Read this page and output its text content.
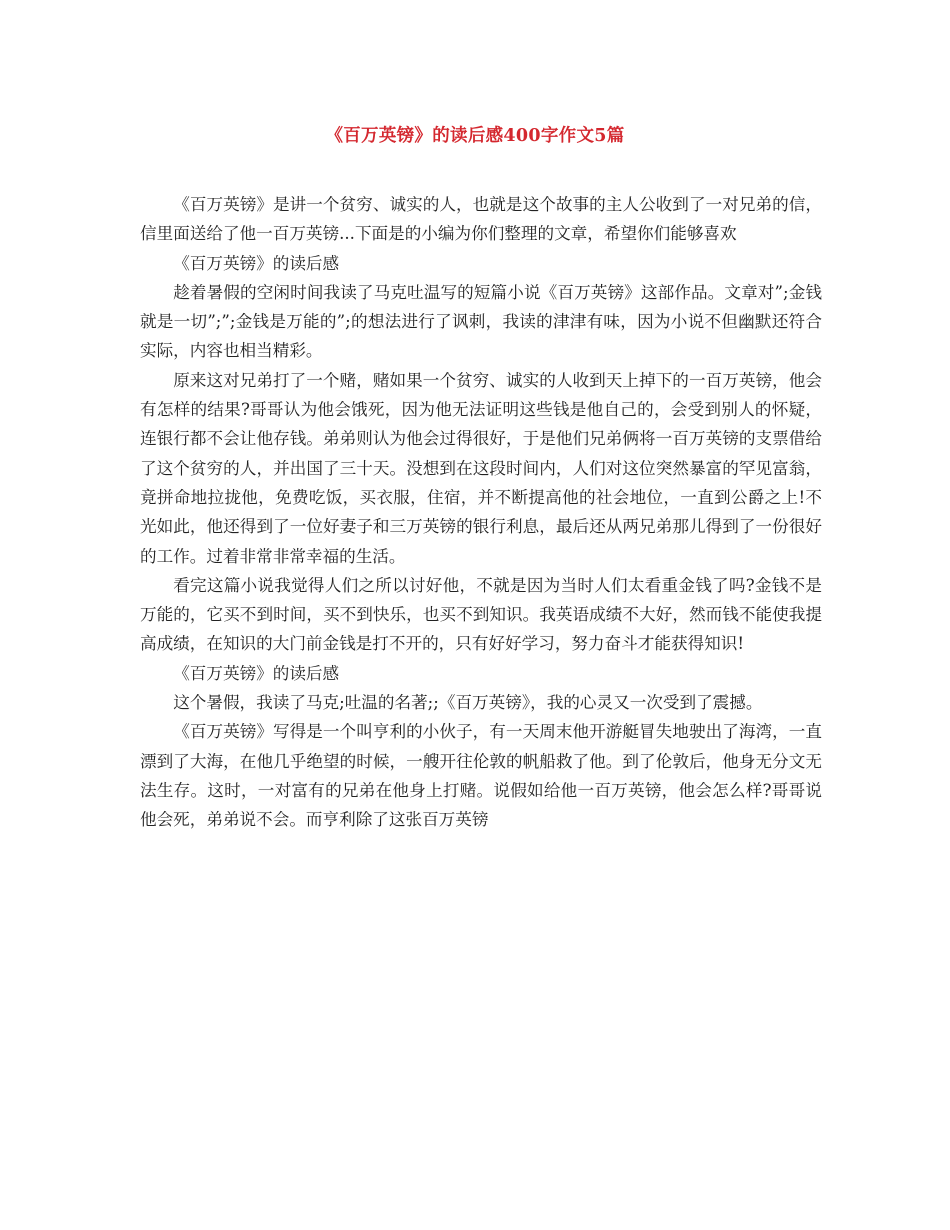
《百万英镑》的读后感400字作文5篇

《百万英镑》是讲一个贫穷、诚实的人，也就是这个故事的主人公收到了一对兄弟的信，信里面送给了他一百万英镑...下面是的小编为你们整理的文章，希望你们能够喜欢

《百万英镑》的读后感

趁着暑假的空闲时间我读了马克吐温写的短篇小说《百万英镑》这部作品。文章对”;金钱就是一切”;”;金钱是万能的”;的想法进行了讽刺，我读的津津有味，因为小说不但幽默还符合实际，内容也相当精彩。

原来这对兄弟打了一个赌，赌如果一个贫穷、诚实的人收到天上掉下的一百万英镑，他会有怎样的结果?哥哥认为他会饿死，因为他无法证明这些钱是他自己的，会受到别人的怀疑，连银行都不会让他存钱。弟弟则认为他会过得很好，于是他们兄弟俩将一百万英镑的支票借给了这个贫穷的人，并出国了三十天。没想到在这段时间内，人们对这位突然暴富的罕见富翁，竟拼命地拉拢他，免费吃饭，买衣服，住宿，并不断提高他的社会地位，一直到公爵之上!不光如此，他还得到了一位好妻子和三万英镑的银行利息，最后还从两兄弟那儿得到了一份很好的工作。过着非常非常幸福的生活。

看完这篇小说我觉得人们之所以讨好他，不就是因为当时人们太看重金钱了吗?金钱不是万能的，它买不到时间，买不到快乐，也买不到知识。我英语成绩不大好，然而钱不能使我提高成绩，在知识的大门前金钱是打不开的，只有好好学习，努力奋斗才能获得知识!

《百万英镑》的读后感

这个暑假，我读了马克;吐温的名著;;《百万英镑》，我的心灵又一次受到了震撼。

《百万英镑》写得是一个叫亨利的小伙子，有一天周末他开游艇冒失地驶出了海湾，一直漂到了大海，在他几乎绝望的时候，一艘开往伦敦的帆船救了他。到了伦敦后，他身无分文无法生存。这时，一对富有的兄弟在他身上打赌。说假如给他一百万英镑，他会怎么样?哥哥说他会死，弟弟说不会。而亨利除了这张百万英镑
